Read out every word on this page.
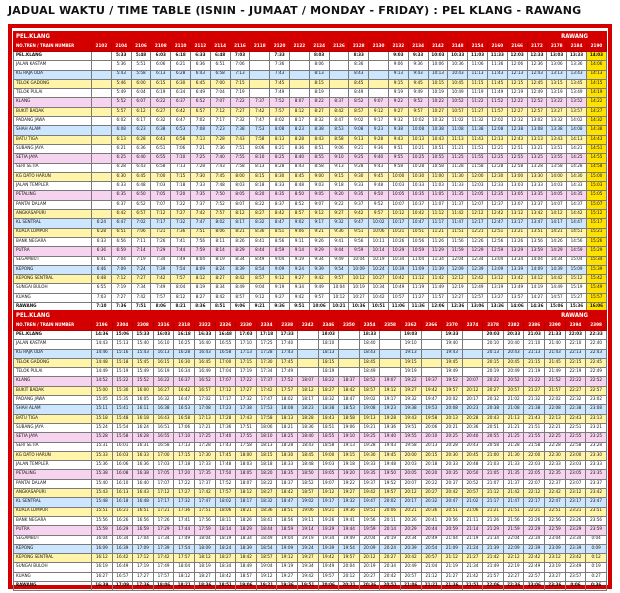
JADUAL WAKTU / TIME TABLE (ISNIN - JUMAAT / MONDAY - FRIDAY) : PEL KLANG - RAWANG
PEL.KLANG	RAWANG																									
NO.TREN / TRAIN NUMBER	2102	2104	2106	2108	2110	2112	2114	2116	2118	2120	2122	2124	2126	2128	2130	2132	2134	2142	2148	2154	2160	2166	2172	2178	2184	2190
PEL.KLANG		5:33	5:48	6:03	6:18	6:33	6:48	7:03		7:33		8:03		8:33		9:03	9:33	10:03	10:33	11:03	11:33	12:03	12:33	13:03	13:33	14:03
JALAN KASTAM		5:36	5:51	6:06	6:21	6:36	6:51	7:06		7:36		8:06		8:36		9:06	9:36	10:06	10:36	11:06	11:36	12:06	12:36	13:06	13:36	14:06
KG RAJA UDA		5:43	5:58	6:13	6:28	6:43	6:58	7:13		7:43		8:13		8:43		9:13	9:43	10:13	10:43	11:13	11:43	12:13	12:43	13:13	13:43	14:13
TELOK GADONG		5:46	6:00	6:15	6:30	6:45	7:00	7:15		7:45		8:15		8:45		9:15	9:45	10:15	10:45	11:15	11:45	12:15	12:45	13:15	13:45	14:15
TELOK PULAI		5:49	6:04	6:19	6:34	6:49	7:04	7:19		7:49		8:19		8:49		9:19	9:49	10:19	10:49	11:19	11:49	12:19	12:49	13:19	13:49	14:19
KLANG		5:52	6:07	6:22	6:37	6:52	7:07	7:22	7:37	7:52	8:07	8:22	8:37	8:52	9:07	9:22	9:52	10:22	10:52	11:22	11:52	12:22	12:52	13:22	13:52	14:22
BUKIT BADAK		5:57	6:12	6:27	6:42	6:57	7:12	7:27	7:42	7:57	8:12	8:27	8:42	8:57	9:12	9:27	9:57	10:27	10:57	11:27	11:57	12:27	12:57	13:27	13:57	14:27
PADANG JAWA		6:02	6:17	6:32	6:47	7:02	7:17	7:32	7:47	8:02	8:17	8:32	8:47	9:02	9:17	9:32	10:02	10:32	11:02	11:32	12:02	12:32	13:02	13:32	14:02	14:32
SHAH ALAM		6:08	6:23	6:38	6:53	7:08	7:23	7:38	7:53	8:08	8:23	8:38	8:53	9:08	9:23	9:38	10:08	10:38	11:08	11:38	12:08	12:38	13:08	13:38	14:08	14:38
BATU TIGA		6:13	6:28	6:43	6:58	7:13	7:28	7:43	7:58	8:13	8:28	8:43	8:58	9:13	9:28	9:43	10:13	10:43	11:13	11:43	12:13	12:43	13:13	13:43	14:13	14:43
SUBANG JAYA		6:21	6:36	6:51	7:06	7:21	7:36	7:51	8:06	8:21	8:36	8:51	9:06	9:21	9:36	9:51	10:21	10:51	11:21	11:51	12:21	12:51	13:21	13:51	14:21	14:51
SETIA JAYA		6:25	6:40	6:55	7:10	7:25	7:40	7:55	8:10	8:25	8:40	8:55	9:10	9:25	9:40	9:55	10:25	10:55	11:25	11:55	12:25	12:55	13:25	13:55	14:25	14:55
SERI SETIA		6:28	6:43	6:58	7:13	7:28	7:43	7:58	8:13	8:28	8:43	8:58	9:13	9:28	9:43	9:58	10:28	10:58	11:28	11:58	12:28	12:58	13:28	13:58	14:28	14:58
KG DATO HARUN		6:30	6:45	7:00	7:15	7:30	7:45	8:00	8:15	8:30	8:45	9:00	9:15	9:30	9:45	10:00	10:30	11:00	11:30	12:00	12:30	13:00	13:30	14:00	14:30	15:00
JALAN TEMPLER		6:33	6:48	7:03	7:18	7:33	7:48	8:03	8:18	8:33	8:48	9:03	9:18	9:33	9:48	10:03	10:33	11:03	11:33	12:03	12:33	13:03	13:33	14:03	14:33	15:03
PETALING		6:35	6:50	7:05	7:20	7:35	7:50	8:05	8:20	8:35	8:50	9:05	9:20	9:35	9:50	10:05	10:35	11:05	11:35	12:05	12:35	13:05	13:35	14:05	14:35	15:05
PANTAI DALAM		6:37	6:52	7:07	7:22	7:37	7:52	8:07	8:22	8:37	8:52	9:07	9:22	9:37	9:52	10:07	10:37	11:07	11:37	12:07	12:37	13:07	13:37	14:07	14:37	15:07
ANGKASAPURI		6:42	6:57	7:12	7:27	7:42	7:57	8:12	8:27	8:42	8:57	9:12	9:27	9:42	9:57	10:12	10:42	11:12	11:42	12:12	12:42	13:12	13:42	14:12	14:42	15:12
KL SENTRAL	6:24	6:47	7:02	7:17	7:32	7:47	8:02	8:17	8:32	8:47	9:02	9:17	9:32	9:47	10:02	10:17	10:47	11:17	11:47	12:17	12:47	13:17	13:47	14:17	14:47	15:17
KUALA LUMPUR	6:28	6:51	7:06	7:21	7:36	7:51	8:06	8:21	8:36	8:51	9:06	9:21	9:36	9:51	10:06	10:21	10:51	11:21	11:51	12:21	12:51	13:21	13:51	14:21	14:51	15:21
BANK NEGARA	6:33	6:56	7:11	7:26	7:41	7:56	8:11	8:26	8:41	8:56	9:11	9:26	9:41	9:56	10:11	10:26	10:56	11:26	11:56	12:26	12:56	13:26	13:56	14:26	14:56	15:26
PUTRA	6:36	6:59	7:14	7:29	7:44	7:59	8:14	8:29	8:44	8:59	9:14	9:29	9:44	9:59	10:14	10:29	10:59	11:29	11:59	12:29	12:59	13:29	13:59	14:29	14:59	15:29
SEGAMBUT	6:41	7:04	7:19	7:34	7:49	8:04	8:19	8:34	8:49	9:04	9:19	9:34	9:49	10:04	10:19	10:34	11:04	11:34	12:04	12:34	13:04	13:34	14:04	14:34	15:04	15:34
KEPONG	6:46	7:09	7:24	7:39	7:54	8:09	8:24	8:39	8:54	9:09	9:24	9:39	9:54	10:09	10:24	10:39	11:09	11:39	12:09	12:39	13:09	13:39	14:09	14:39	15:09	15:39
KEPONG SENTRAL	6:48	7:12	7:27	7:42	7:57	8:12	8:27	8:42	8:57	9:12	9:27	9:42	9:57	10:12	10:27	10:42	11:12	11:42	12:12	12:42	13:12	13:42	14:12	14:42	15:12	15:42
SUNGAI BULOH	6:55	7:19	7:34	7:49	8:04	8:19	8:34	8:49	9:04	9:19	9:34	9:49	10:04	10:19	10:34	10:49	11:19	11:49	12:19	12:49	13:19	13:49	14:19	14:49	15:19	15:49
KUANG	7:03	7:27	7:42	7:57	8:12	8:27	8:42	8:57	9:12	9:27	9:42	9:57	10:12	10:27	10:42	10:57	11:27	11:57	12:27	12:57	13:27	13:57	14:27	14:57	15:27	15:57
RAWANG	7:10	7:36	7:51	8:06	8:21	8:36	8:51	9:06	9:21	9:36	9:51	10:06	10:21	10:36	10:51	11:06	11:36	12:06	12:36	13:06	13:36	14:06	14:36	15:06	15:36	16:06
PEL.KLANG	RAWANG																								
NO.TREN / TRAIN NUMBER	2196	2304	2308	2316	2318	2322	2326	2330	2334	2338	2342	2346	2350	2354	2358	2362	2366	2370	2374	2378	2382	2386	2390	2394	2398
PEL.KLANG	14:36	15:06	15:33	16:03	16:18	16:33	16:48	17:03	17:18	17:33		18:03		18:33		19:03		19:33		20:03	20:33	21:03	21:33	22:03	22:33
JALAN KASTAM	14:43	15:13	15:40	16:10	16:25	16:40	16:55	17:10	17:25	17:40		18:10		18:40		19:10		19:40		20:10	20:40	21:10	21:40	22:10	22:40
KG RAJA UDA	14:46	15:16	15:43	16:13	16:28	16:43	16:58	17:13	17:28	17:43		18:13		18:43		19:13		19:43		20:13	20:43	21:13	21:43	22:13	22:43
TELOK GADONG	14:48	15:18	15:45	16:15	16:30	16:45	17:00	17:15	17:30	17:45		18:15		18:45		19:15		19:45		20:15	20:45	21:15	21:45	22:15	22:45
TELOK PULAI	14:49	15:19	15:49	16:19	16:34	16:49	17:04	17:19	17:34	17:49		18:19		18:49		19:19		19:49		20:19	20:49	21:19	21:49	22:19	22:49
KLANG	14:52	15:22	15:52	16:22	16:37	16:52	17:07	17:22	17:37	17:52	18:07	18:22	18:37	18:52	19:07	19:22	19:37	19:52	20:07	20:22	20:52	21:22	21:52	22:22	22:52
BUKIT BADAK	15:00	15:30	16:00	16:27	16:42	16:57	17:12	17:27	17:42	17:57	18:12	18:27	18:42	18:57	19:12	19:27	19:42	19:57	20:12	20:27	20:57	21:27	21:57	22:27	22:57
PADANG JAWA	15:05	15:35	16:05	16:32	16:47	17:02	17:17	17:32	17:47	18:02	18:17	18:32	18:47	19:02	19:17	19:32	19:47	20:02	20:17	20:32	21:02	21:32	22:02	22:32	23:02
SHAH ALAM	15:11	15:41	16:11	16:38	16:53	17:08	17:23	17:38	17:53	18:08	18:23	18:38	18:53	19:08	19:23	19:38	19:53	20:08	20:23	20:38	21:08	21:38	22:08	22:38	23:08
BATU TIGA	15:18	15:48	16:18	16:43	16:58	17:13	17:28	17:43	17:58	18:13	18:28	18:43	18:58	19:13	19:28	19:43	19:58	20:13	20:28	20:43	21:13	21:43	22:13	22:43	23:13
SUBANG JAYA	15:24	15:54	16:24	16:51	17:06	17:21	17:36	17:51	18:06	18:21	18:36	18:51	19:06	19:21	19:36	19:51	20:06	20:21	20:36	20:51	21:21	21:51	22:21	22:51	23:21
SETIA JAYA	15:28	15:58	16:28	16:55	17:10	17:25	17:40	17:55	18:10	18:25	18:40	18:55	19:10	19:25	19:40	19:55	20:10	20:25	20:40	20:55	21:25	21:55	22:25	22:55	23:25
SERI SETIA	15:31	16:01	16:31	16:58	17:13	17:28	17:43	17:58	18:13	18:28	18:43	18:58	19:13	19:28	19:43	19:58	20:13	20:28	20:43	20:58	21:28	21:58	22:28	22:58	23:28
KG DATO HARUN	15:33	16:03	16:33	17:00	17:15	17:30	17:45	18:00	18:15	18:30	18:45	19:00	19:15	19:30	19:45	20:00	20:15	20:30	20:45	21:00	21:30	22:00	22:30	23:00	23:30
JALAN TEMPLER	15:36	16:06	16:36	17:03	17:18	17:33	17:48	18:03	18:18	18:33	18:48	19:03	19:18	19:33	19:48	20:03	20:18	20:33	20:48	21:03	21:33	22:03	22:33	23:03	23:33
PETALING	15:38	16:08	16:38	17:05	17:20	17:35	17:50	18:05	18:20	18:35	18:50	19:05	19:20	19:35	19:50	20:05	20:20	20:35	20:50	21:05	21:35	22:05	22:35	23:05	23:35
PANTAI DALAM	15:40	16:10	16:40	17:07	17:22	17:37	17:52	18:07	18:22	18:37	18:52	19:07	19:22	19:37	19:52	20:07	20:22	20:37	20:52	21:07	21:37	22:07	22:37	23:07	23:37
ANGKASAPURI	15:43	16:13	16:43	17:12	17:27	17:42	17:57	18:12	18:27	18:42	18:57	19:12	19:27	19:42	19:57	20:12	20:27	20:42	20:57	21:12	21:42	22:12	22:42	23:12	23:42
KL SENTRAL	15:48	16:18	16:48	17:17	17:32	17:47	18:02	18:17	18:32	18:47	19:02	19:17	19:32	19:47	20:02	20:17	20:32	20:47	21:02	21:17	21:47	22:17	22:47	23:17	23:47
KUALA LUMPUR	15:51	16:21	16:51	17:21	17:36	17:51	18:06	18:21	18:36	18:51	19:06	19:21	19:36	19:51	20:06	20:21	20:36	20:51	21:06	21:21	21:51	22:21	22:51	23:21	23:51
BANK NEGARA	15:56	16:26	16:56	17:26	17:41	17:56	18:11	18:26	18:41	18:56	19:11	19:26	19:41	19:56	20:11	20:26	20:41	20:56	21:11	21:26	21:56	22:26	22:56	23:26	23:56
PUTRA	15:59	16:29	16:59	17:29	17:44	17:59	18:14	18:29	18:44	18:59	19:14	19:29	19:44	19:59	20:14	20:29	20:44	20:59	21:14	21:29	21:59	22:29	22:59	23:29	23:59
SEGAMBUT	16:04	16:34	17:04	17:34	17:49	18:04	18:19	18:34	18:49	19:04	19:19	19:34	19:49	20:04	20:19	20:34	20:49	21:04	21:19	21:34	22:04	22:34	23:04	23:34	0:04
KEPONG	16:09	16:39	17:09	17:39	17:54	18:09	18:24	18:39	18:54	19:09	19:24	19:39	19:54	20:09	20:24	20:39	20:54	21:09	21:24	21:39	22:09	22:39	23:09	23:39	0:09
KEPONG SENTRAL	16:12	16:42	17:12	17:42	17:57	18:12	18:27	18:42	18:57	19:12	19:27	19:42	19:57	20:12	20:27	20:42	20:57	21:12	21:27	21:42	22:12	22:42	23:12	23:42	0:12
SUNGAI BULOH	16:19	16:49	17:19	17:49	18:04	18:19	18:34	18:49	19:04	19:19	19:34	19:49	20:04	20:19	20:34	20:49	21:04	21:19	21:34	21:49	22:19	22:49	23:19	23:49	0:19
KUANG	16:27	16:57	17:27	17:57	18:12	18:27	18:42	18:57	19:12	19:27	19:42	19:57	20:12	20:27	20:42	20:57	21:12	21:27	21:42	21:57	22:27	22:57	23:27	23:57	0:27
RAWANG	16:39	17:09	17:36	18:06	18:21	18:36	18:51	19:06	19:21	19:36	19:51	20:06	20:21	20:36	20:51	21:06	21:21	21:36	21:51	22:06	22:36	23:06	23:36	0:06	0:36
